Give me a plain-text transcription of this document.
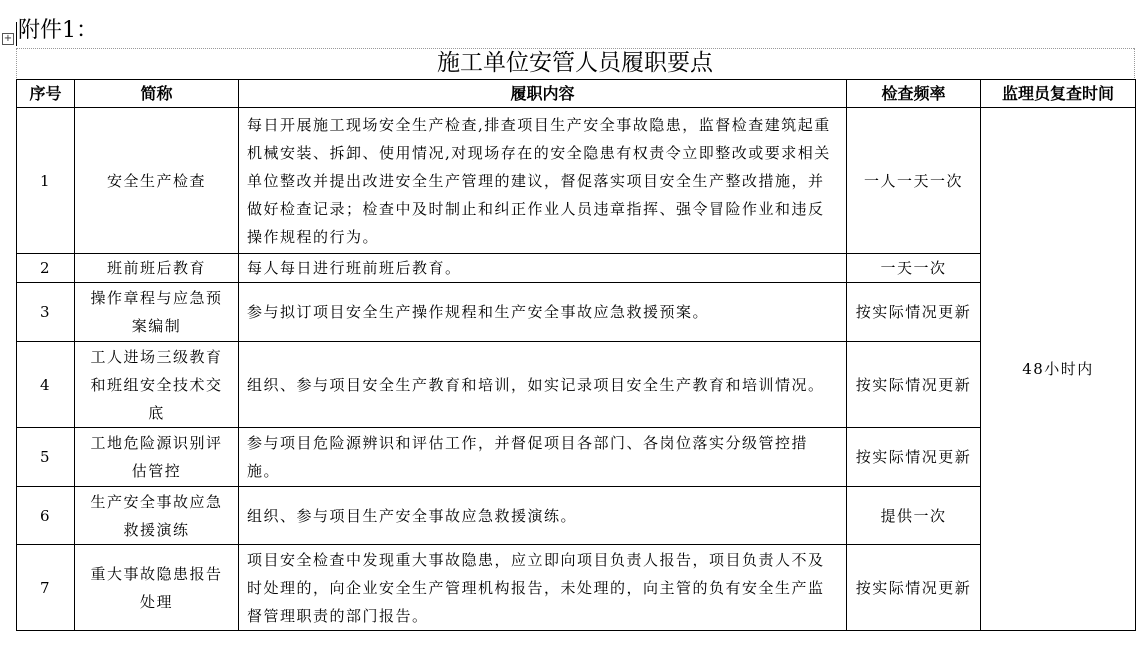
+ 附件1：
施工单位安管人员履职要点
序号	简称	履职内容	检查频率	监理员复查时间
1	安全生产检查	每日开展施工现场安全生产检查,排查项目生产安全事故隐患，监督检查建筑起重机械安装、拆卸、使用情况,对现场存在的安全隐患有权责令立即整改或要求相关单位整改并提出改进安全生产管理的建议，督促落实项目安全生产整改措施，并做好检查记录；检查中及时制止和纠正作业人员违章指挥、强令冒险作业和违反操作规程的行为。	一人一天一次	48小时内
2	班前班后教育	每人每日进行班前班后教育。	一天一次	
3	操作章程与应急预案编制	参与拟订项目安全生产操作规程和生产安全事故应急救援预案。	按实际情况更新	
4	工人进场三级教育和班组安全技术交底	组织、参与项目安全生产教育和培训，如实记录项目安全生产教育和培训情况。	按实际情况更新	
5	工地危险源识别评估管控	参与项目危险源辨识和评估工作，并督促项目各部门、各岗位落实分级管控措施。	按实际情况更新	
6	生产安全事故应急救援演练	组织、参与项目生产安全事故应急救援演练。	提供一次	
7	重大事故隐患报告处理	项目安全检查中发现重大事故隐患，应立即向项目负责人报告，项目负责人不及时处理的，向企业安全生产管理机构报告，未处理的，向主管的负有安全生产监督管理职责的部门报告。	按实际情况更新	
